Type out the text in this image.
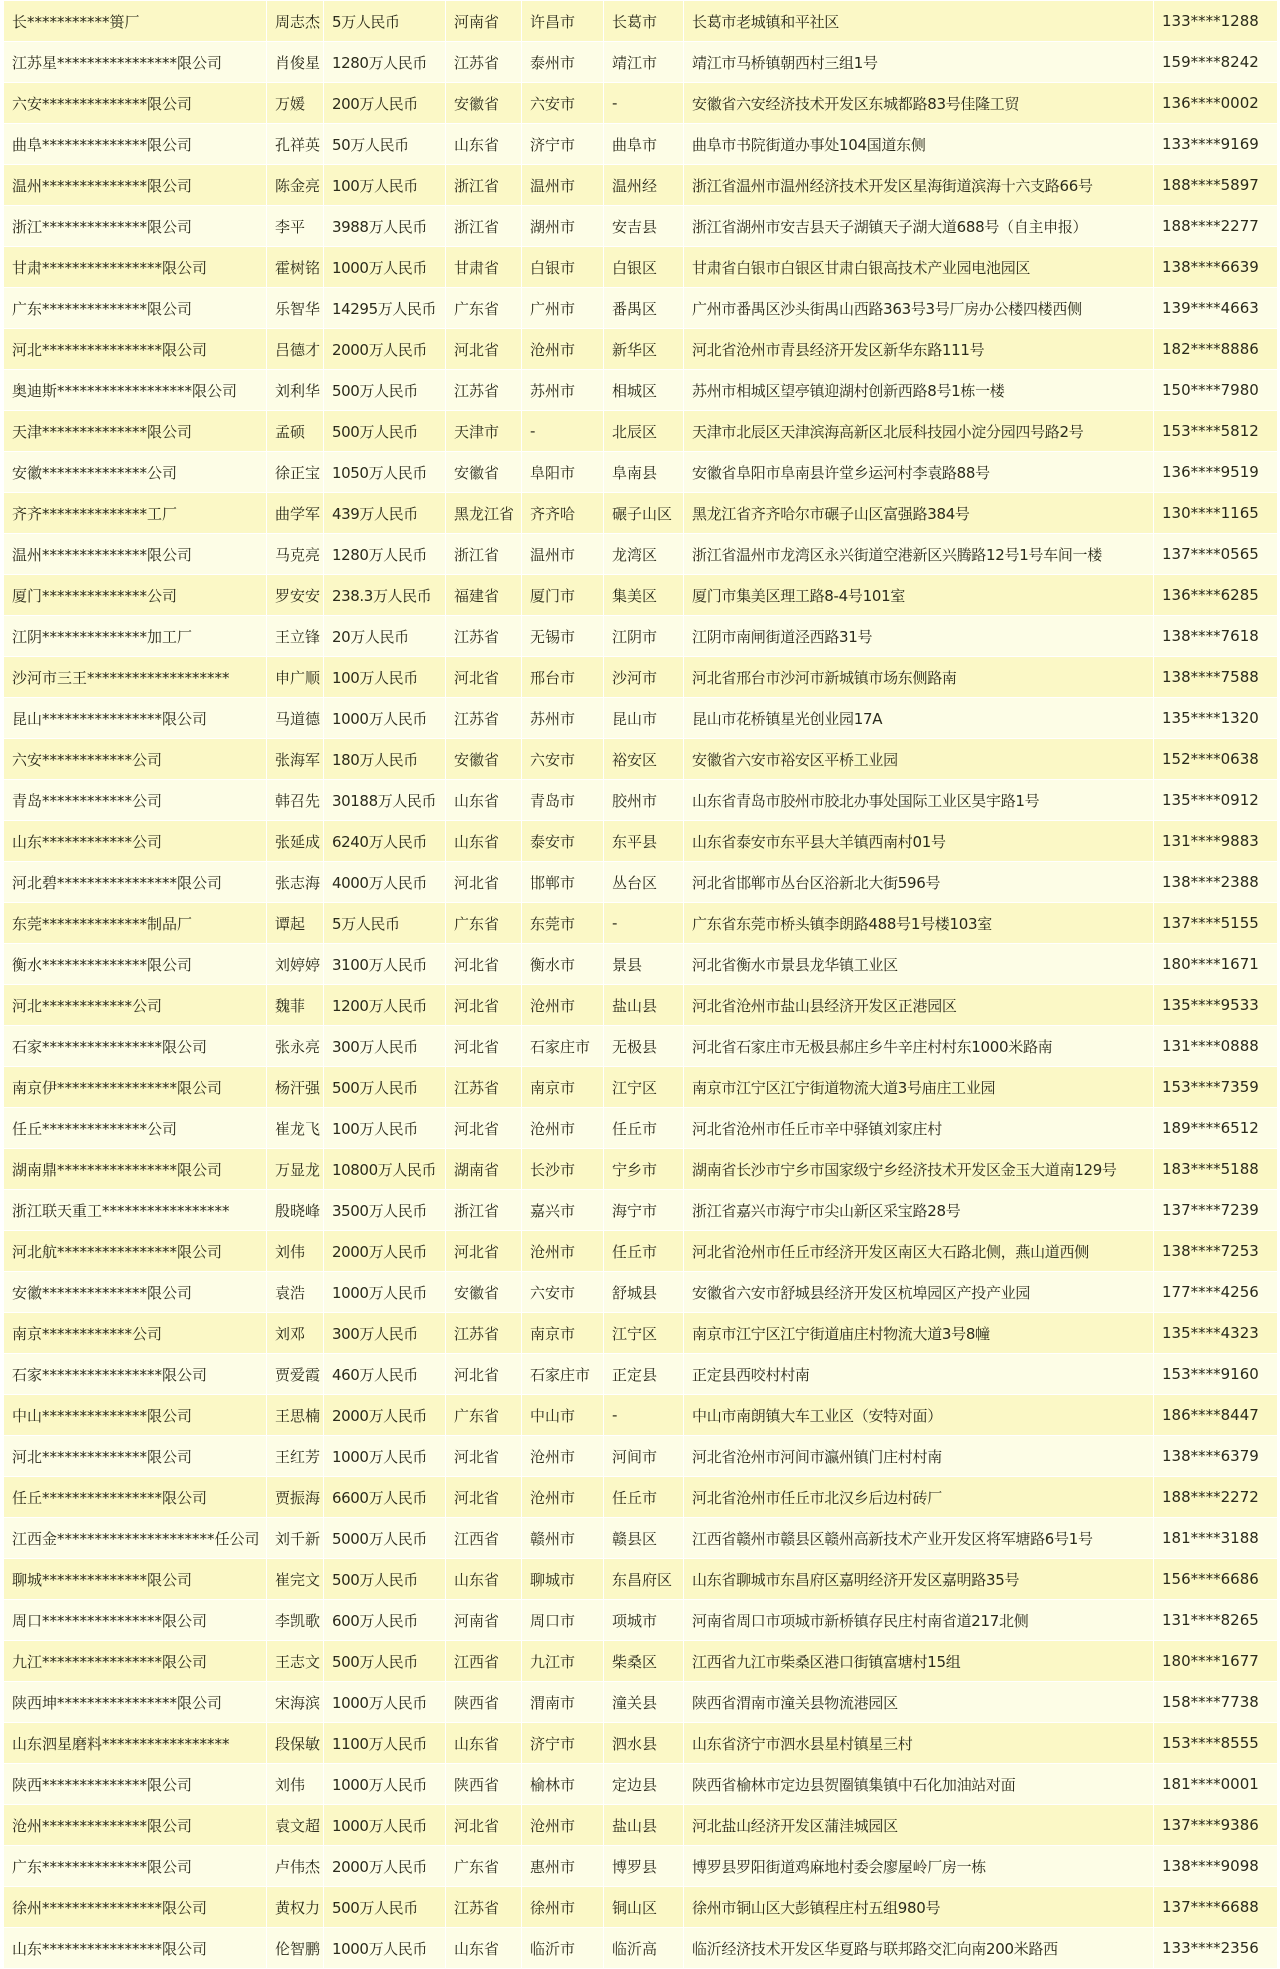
长***********篑厂	周志杰	5万人民币	河南省	许昌市	长葛市	长葛市老城镇和平社区	133****1288
江苏星****************限公司	肖俊星	1280万人民币	江苏省	泰州市	靖江市	靖江市马桥镇朝西村三组1号	159****8242
六安**************限公司	万媛	200万人民币	安徽省	六安市	-	安徽省六安经济技术开发区东城都路83号佳隆工贸	136****0002
曲阜**************限公司	孔祥英	50万人民币	山东省	济宁市	曲阜市	曲阜市书院街道办事处104国道东侧	133****9169
温州**************限公司	陈金亮	100万人民币	浙江省	温州市	温州经	浙江省温州市温州经济技术开发区星海街道滨海十六支路66号	188****5897
浙江**************限公司	李平	3988万人民币	浙江省	湖州市	安吉县	浙江省湖州市安吉县天子湖镇天子湖大道688号（自主申报）	188****2277
甘肃****************限公司	霍树铭	1000万人民币	甘肃省	白银市	白银区	甘肃省白银市白银区甘肃白银高技术产业园电池园区	138****6639
广东**************限公司	乐智华	14295万人民币	广东省	广州市	番禺区	广州市番禺区沙头街禺山西路363号3号厂房办公楼四楼西侧	139****4663
河北****************限公司	吕德才	2000万人民币	河北省	沧州市	新华区	河北省沧州市青县经济开发区新华东路111号	182****8886
奥迪斯******************限公司	刘利华	500万人民币	江苏省	苏州市	相城区	苏州市相城区望亭镇迎湖村创新西路8号1栋一楼	150****7980
天津**************限公司	孟硕	500万人民币	天津市	-	北辰区	天津市北辰区天津滨海高新区北辰科技园小淀分园四号路2号	153****5812
安徽**************公司	徐正宝	1050万人民币	安徽省	阜阳市	阜南县	安徽省阜阳市阜南县许堂乡运河村李袁路88号	136****9519
齐齐**************工厂	曲学军	439万人民币	黑龙江省	齐齐哈	碾子山区	黑龙江省齐齐哈尔市碾子山区富强路384号	130****1165
温州**************限公司	马克亮	1280万人民币	浙江省	温州市	龙湾区	浙江省温州市龙湾区永兴街道空港新区兴腾路12号1号车间一楼	137****0565
厦门**************公司	罗安安	238.3万人民币	福建省	厦门市	集美区	厦门市集美区理工路8-4号101室	136****6285
江阴**************加工厂	王立锋	20万人民币	江苏省	无锡市	江阴市	江阴市南闸街道泾西路31号	138****7618
沙河市三王*******************	申广顺	100万人民币	河北省	邢台市	沙河市	河北省邢台市沙河市新城镇市场东侧路南	138****7588
昆山****************限公司	马道德	1000万人民币	江苏省	苏州市	昆山市	昆山市花桥镇星光创业园17A	135****1320
六安************公司	张海军	180万人民币	安徽省	六安市	裕安区	安徽省六安市裕安区平桥工业园	152****0638
青岛************公司	韩召先	30188万人民币	山东省	青岛市	胶州市	山东省青岛市胶州市胶北办事处国际工业区昊宇路1号	135****0912
山东************公司	张延成	6240万人民币	山东省	泰安市	东平县	山东省泰安市东平县大羊镇西南村01号	131****9883
河北碧****************限公司	张志海	4000万人民币	河北省	邯郸市	丛台区	河北省邯郸市丛台区浴新北大街596号	138****2388
东莞**************制品厂	谭起	5万人民币	广东省	东莞市	-	广东省东莞市桥头镇李朗路488号1号楼103室	137****5155
衡水**************限公司	刘婷婷	3100万人民币	河北省	衡水市	景县	河北省衡水市景县龙华镇工业区	180****1671
河北************公司	魏菲	1200万人民币	河北省	沧州市	盐山县	河北省沧州市盐山县经济开发区正港园区	135****9533
石家****************限公司	张永亮	300万人民币	河北省	石家庄市	无极县	河北省石家庄市无极县郝庄乡牛辛庄村村东1000米路南	131****0888
南京伊****************限公司	杨汗强	500万人民币	江苏省	南京市	江宁区	南京市江宁区江宁街道物流大道3号庙庄工业园	153****7359
任丘**************公司	崔龙飞	100万人民币	河北省	沧州市	任丘市	河北省沧州市任丘市辛中驿镇刘家庄村	189****6512
湖南鼎****************限公司	万显龙	10800万人民币	湖南省	长沙市	宁乡市	湖南省长沙市宁乡市国家级宁乡经济技术开发区金玉大道南129号	183****5188
浙江联天重工*****************	殷晓峰	3500万人民币	浙江省	嘉兴市	海宁市	浙江省嘉兴市海宁市尖山新区采宝路28号	137****7239
河北航****************限公司	刘伟	2000万人民币	河北省	沧州市	任丘市	河北省沧州市任丘市经济开发区南区大石路北侧，燕山道西侧	138****7253
安徽**************限公司	袁浩	1000万人民币	安徽省	六安市	舒城县	安徽省六安市舒城县经济开发区杭埠园区产投产业园	177****4256
南京************公司	刘邓	300万人民币	江苏省	南京市	江宁区	南京市江宁区江宁街道庙庄村物流大道3号8幢	135****4323
石家****************限公司	贾爱霞	460万人民币	河北省	石家庄市	正定县	正定县西咬村村南	153****9160
中山**************限公司	王思楠	2000万人民币	广东省	中山市	-	中山市南朗镇大车工业区（安特对面）	186****8447
河北**************限公司	王红芳	1000万人民币	河北省	沧州市	河间市	河北省沧州市河间市瀛州镇门庄村村南	138****6379
任丘****************限公司	贾振海	6600万人民币	河北省	沧州市	任丘市	河北省沧州市任丘市北汉乡后边村砖厂	188****2272
江西金*********************任公司	刘千新	5000万人民币	江西省	赣州市	赣县区	江西省赣州市赣县区赣州高新技术产业开发区将军塘路6号1号	181****3188
聊城**************限公司	崔完文	500万人民币	山东省	聊城市	东昌府区	山东省聊城市东昌府区嘉明经济开发区嘉明路35号	156****6686
周口****************限公司	李凯歌	600万人民币	河南省	周口市	项城市	河南省周口市项城市新桥镇存民庄村南省道217北侧	131****8265
九江****************限公司	王志文	500万人民币	江西省	九江市	柴桑区	江西省九江市柴桑区港口街镇富塘村15组	180****1677
陕西坤****************限公司	宋海滨	1000万人民币	陕西省	渭南市	潼关县	陕西省渭南市潼关县物流港园区	158****7738
山东泗星磨料*****************	段保敏	1100万人民币	山东省	济宁市	泗水县	山东省济宁市泗水县星村镇星三村	153****8555
陕西**************限公司	刘伟	1000万人民币	陕西省	榆林市	定边县	陕西省榆林市定边县贺圈镇集镇中石化加油站对面	181****0001
沧州**************限公司	袁文超	1000万人民币	河北省	沧州市	盐山县	河北盐山经济开发区蒲洼城园区	137****9386
广东**************限公司	卢伟杰	2000万人民币	广东省	惠州市	博罗县	博罗县罗阳街道鸡麻地村委会廖屋岭厂房一栋	138****9098
徐州****************限公司	黄权力	500万人民币	江苏省	徐州市	铜山区	徐州市铜山区大彭镇程庄村五组980号	137****6688
山东****************限公司	伦智鹏	1000万人民币	山东省	临沂市	临沂高	临沂经济技术开发区华夏路与联邦路交汇向南200米路西	133****2356
